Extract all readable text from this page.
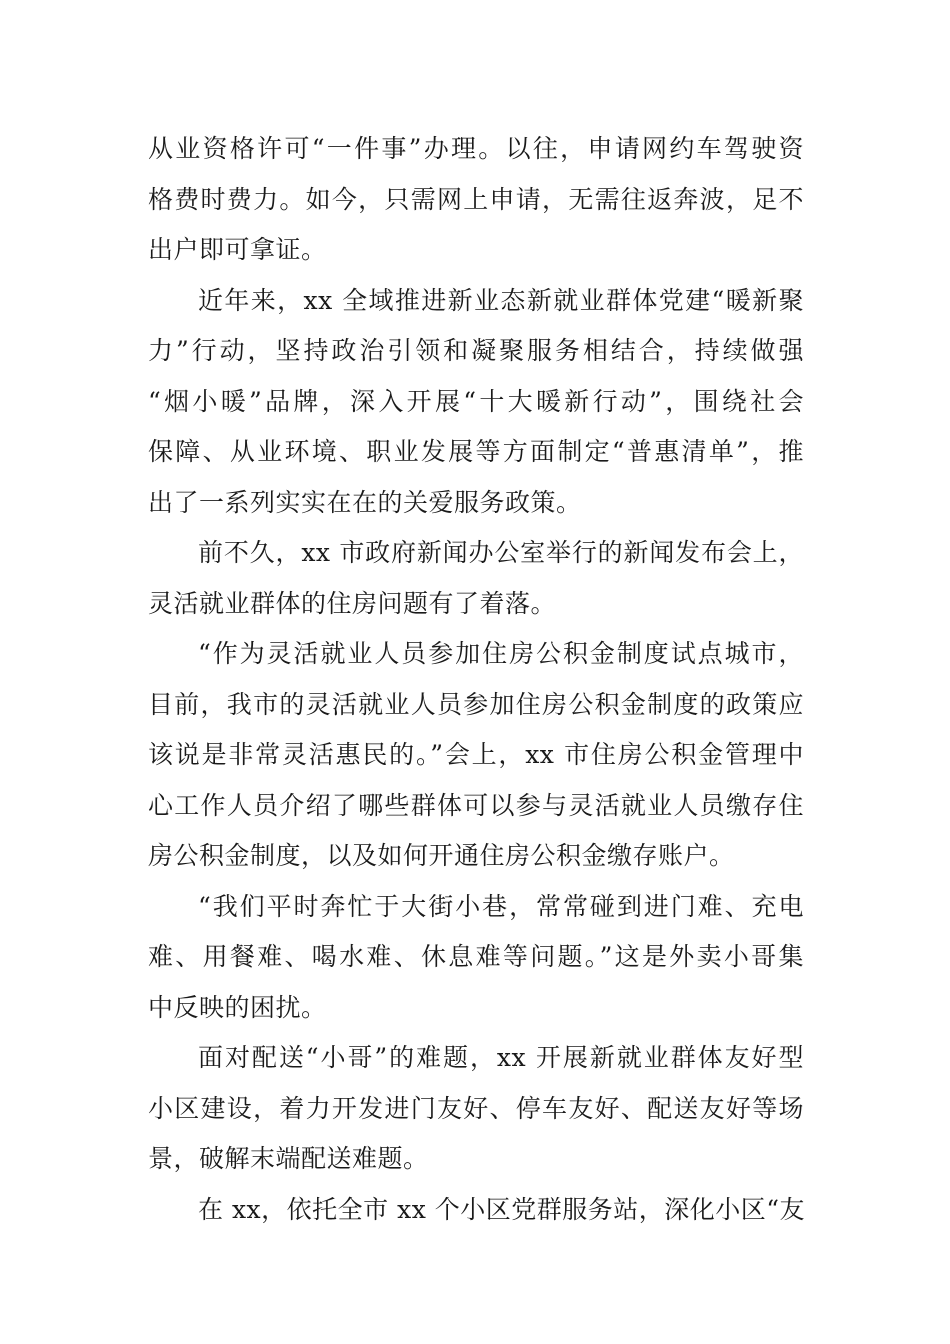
从业资格许可“一件事”办理。以往，申请网约车驾驶资
格费时费力。如今，只需网上申请，无需往返奔波，足不
出户即可拿证。
近年来，xx 全域推进新业态新就业群体党建“暖新聚
力”行动，坚持政治引领和凝聚服务相结合，持续做强
“烟小暖”品牌，深入开展“十大暖新行动”，围绕社会
保障、从业环境、职业发展等方面制定“普惠清单”，推
出了一系列实实在在的关爱服务政策。
前不久，xx 市政府新闻办公室举行的新闻发布会上，
灵活就业群体的住房问题有了着落。
“作为灵活就业人员参加住房公积金制度试点城市，
目前，我市的灵活就业人员参加住房公积金制度的政策应
该说是非常灵活惠民的。”会上，xx 市住房公积金管理中
心工作人员介绍了哪些群体可以参与灵活就业人员缴存住
房公积金制度，以及如何开通住房公积金缴存账户。
“我们平时奔忙于大街小巷，常常碰到进门难、充电
难、用餐难、喝水难、休息难等问题。”这是外卖小哥集
中反映的困扰。
面对配送“小哥”的难题，xx 开展新就业群体友好型
小区建设，着力开发进门友好、停车友好、配送友好等场
景，破解末端配送难题。
在 xx，依托全市 xx 个小区党群服务站，深化小区“友
